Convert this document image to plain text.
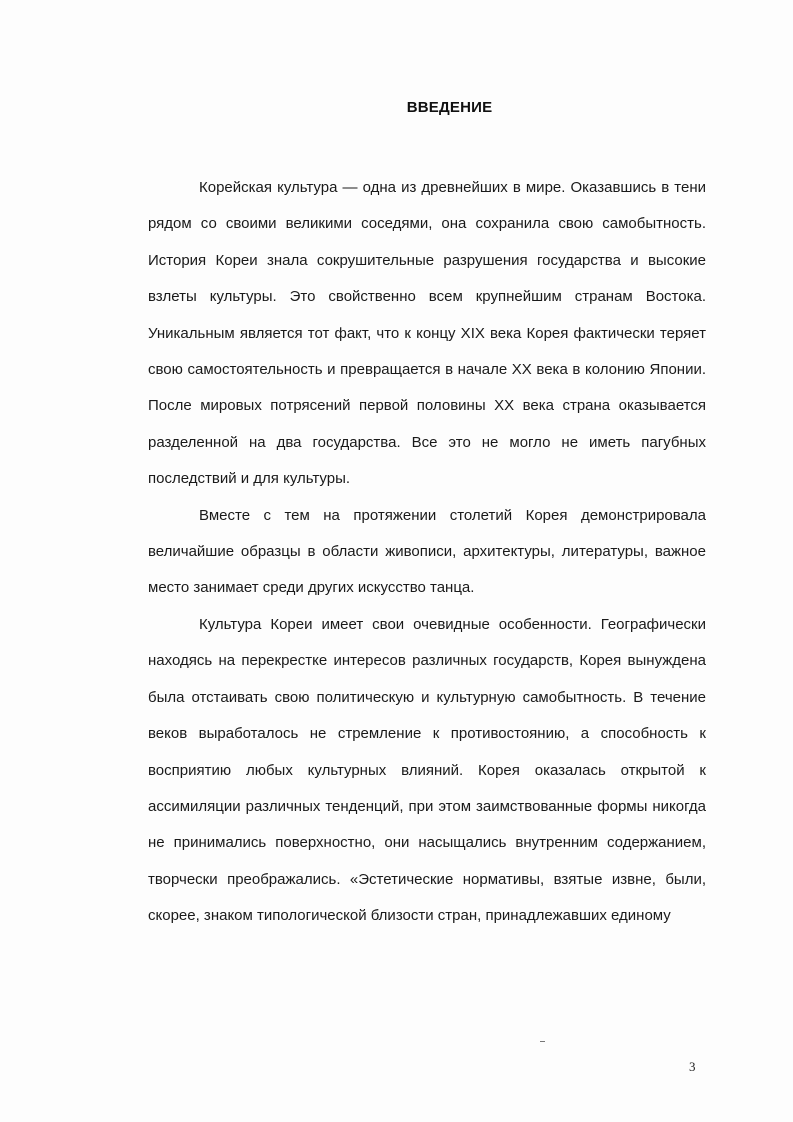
ВВЕДЕНИЕ

Корейская культура — одна из древнейших в мире. Оказавшись в тени рядом со своими великими соседями, она сохранила свою самобытность. История Кореи знала сокрушительные разрушения государства и высокие взлеты культуры. Это свойственно всем крупнейшим странам Востока. Уникальным является тот факт, что к концу XIX века Корея фактически теряет свою самостоятельность и превращается в начале XX века в колонию Японии. После мировых потрясений первой половины XX века страна оказывается разделенной на два государства. Все это не могло не иметь пагубных последствий и для культуры.

Вместе с тем на протяжении столетий Корея демонстрировала величайшие образцы в области живописи, архитектуры, литературы, важное место занимает среди других искусство танца.

Культура Кореи имеет свои очевидные особенности. Географически находясь на перекрестке интересов различных государств, Корея вынуждена была отстаивать свою политическую и культурную самобытность. В течение веков выработалось не стремление к противостоянию, а способность к восприятию любых культурных влияний. Корея оказалась открытой к ассимиляции различных тенденций, при этом заимствованные формы никогда не принимались поверхностно, они насыщались внутренним содержанием, творчески преображались. «Эстетические нормативы, взятые извне, были, скорее, знаком типологической близости стран, принадлежавших единому

3
